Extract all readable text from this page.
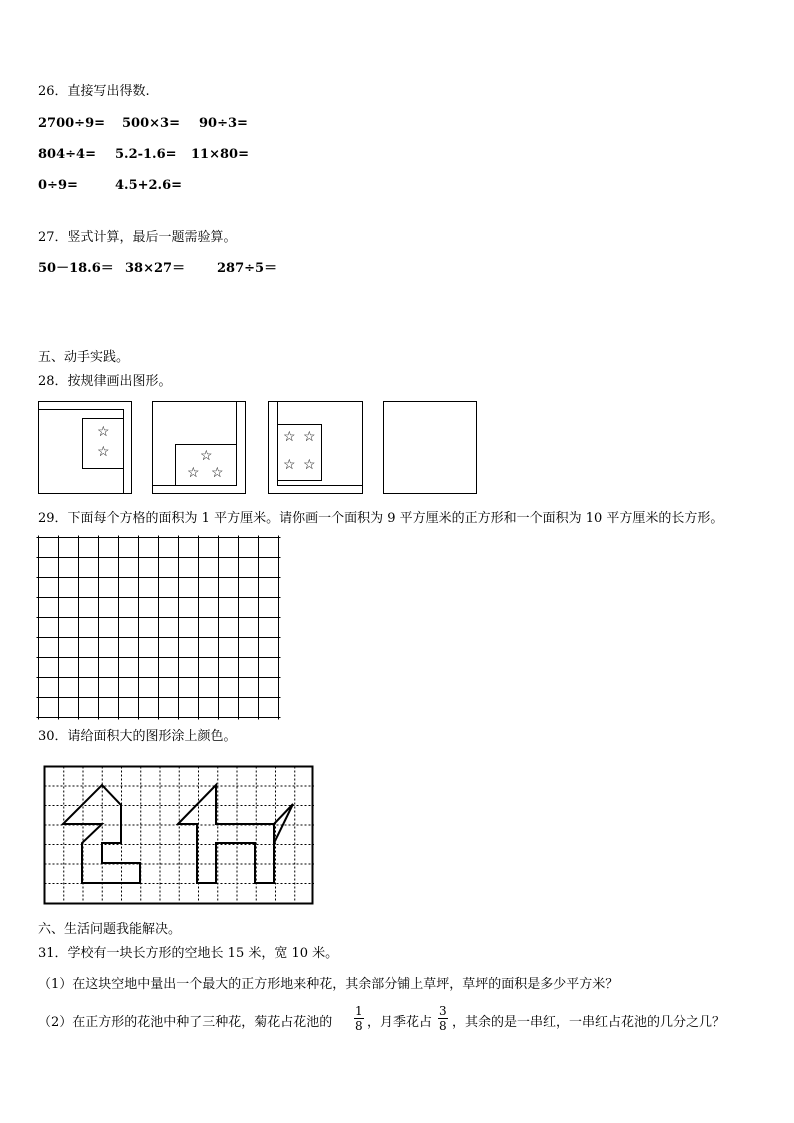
26．直接写出得数.
2700÷9= 500×3= 90÷3=
804÷4= 5.2-1.6= 11×80=
0÷9=	4.5+2.6=
27．竖式计算，最后一题需验算。
50－18.6＝ 38×27＝ 287÷5＝
五、动手实践。
28．按规律画出图形。
☆
☆	☆
☆ ☆
☆ ☆
☆ ☆
29．下面每个方格的面积为 1 平方厘米。请你画一个面积为 9 平方厘米的正方形和一个面积为 10 平方厘米的长方形。
30．请给面积大的图形涂上颜色。
六、生活问题我能解决。
31．学校有一块长方形的空地长 15 米，宽 10 米。
（1）在这块空地中量出一个最大的正方形地来种花，其余部分铺上草坪，草坪的面积是多少平方米？
（2）在正方形的花池中种了三种花，菊花占花池的
1
8 ，月季花占
3
8 ，其余的是一串红，一串红占花池的几分之几？
